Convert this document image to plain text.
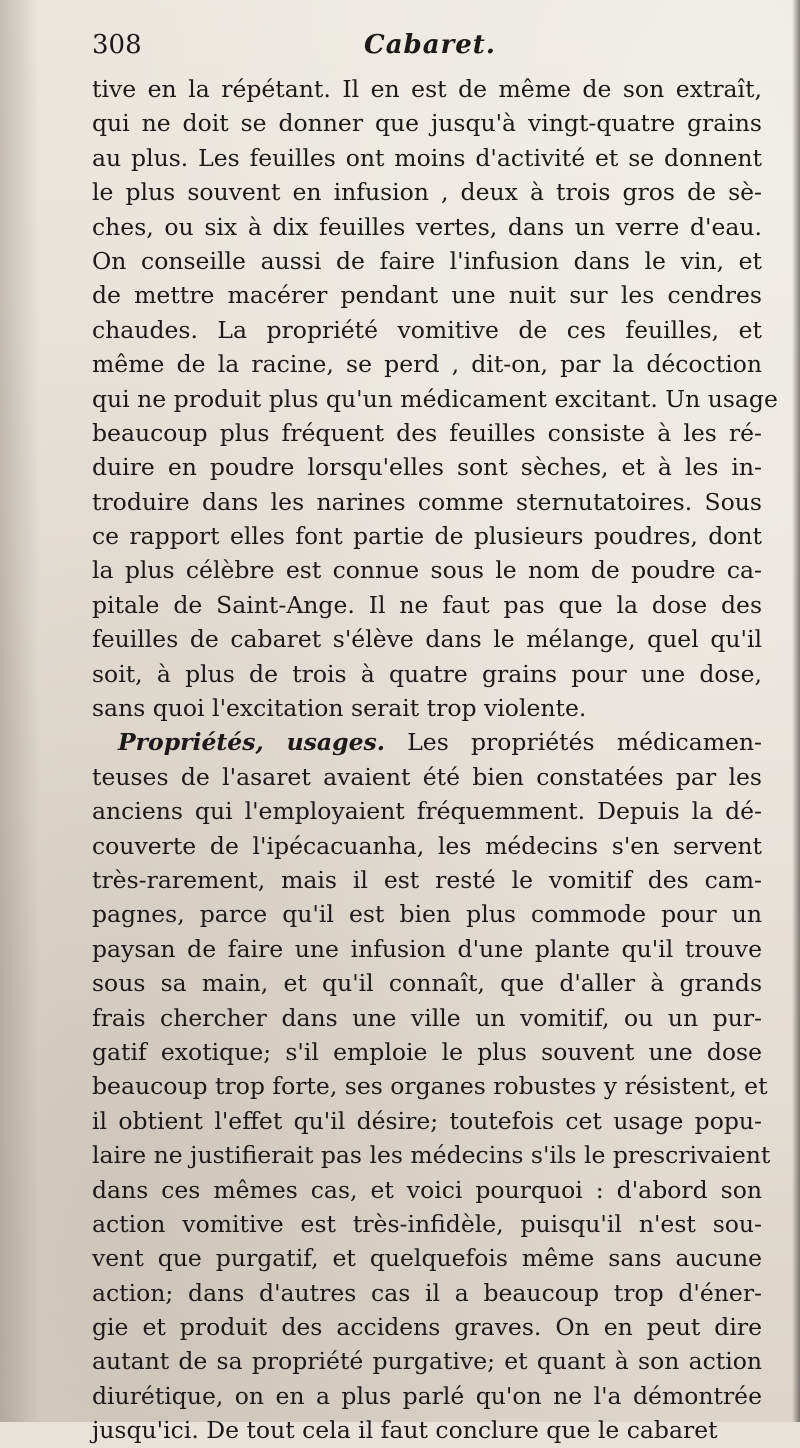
308	Cabaret.
tive en la répétant. Il en est de même de son extraît,
qui ne doit se donner que jusqu'à vingt-quatre grains
au plus. Les feuilles ont moins d'activité et se donnent
le plus souvent en infusion , deux à trois gros de sè-
ches, ou six à dix feuilles vertes, dans un verre d'eau.
On conseille aussi de faire l'infusion dans le vin, et
de mettre macérer pendant une nuit sur les cendres
chaudes. La propriété vomitive de ces feuilles, et
même de la racine, se perd , dit-on, par la décoction
qui ne produit plus qu'un médicament excitant. Un usage
beaucoup plus fréquent des feuilles consiste à les ré-
duire en poudre lorsqu'elles sont sèches, et à les in-
troduire dans les narines comme sternutatoires. Sous
ce rapport elles font partie de plusieurs poudres, dont
la plus célèbre est connue sous le nom de poudre ca-
pitale de Saint-Ange. Il ne faut pas que la dose des
feuilles de cabaret s'élève dans le mélange, quel qu'il
soit, à plus de trois à quatre grains pour une dose,
sans quoi l'excitation serait trop violente.
Propriétés, usages. Les propriétés médicamen-
teuses de l'asaret avaient été bien constatées par les
anciens qui l'employaient fréquemment. Depuis la dé-
couverte de l'ipécacuanha, les médecins s'en servent
très-rarement, mais il est resté le vomitif des cam-
pagnes, parce qu'il est bien plus commode pour un
paysan de faire une infusion d'une plante qu'il trouve
sous sa main, et qu'il connaît, que d'aller à grands
frais chercher dans une ville un vomitif, ou un pur-
gatif exotique; s'il emploie le plus souvent une dose
beaucoup trop forte, ses organes robustes y résistent, et
il obtient l'effet qu'il désire; toutefois cet usage popu-
laire ne justifierait pas les médecins s'ils le prescrivaient
dans ces mêmes cas, et voici pourquoi : d'abord son
action vomitive est très-infidèle, puisqu'il n'est sou-
vent que purgatif, et quelquefois même sans aucune
action; dans d'autres cas il a beaucoup trop d'éner-
gie et produit des accidens graves. On en peut dire
autant de sa propriété purgative; et quant à son action
diurétique, on en a plus parlé qu'on ne l'a démontrée
jusqu'ici. De tout cela il faut conclure que le cabaret
